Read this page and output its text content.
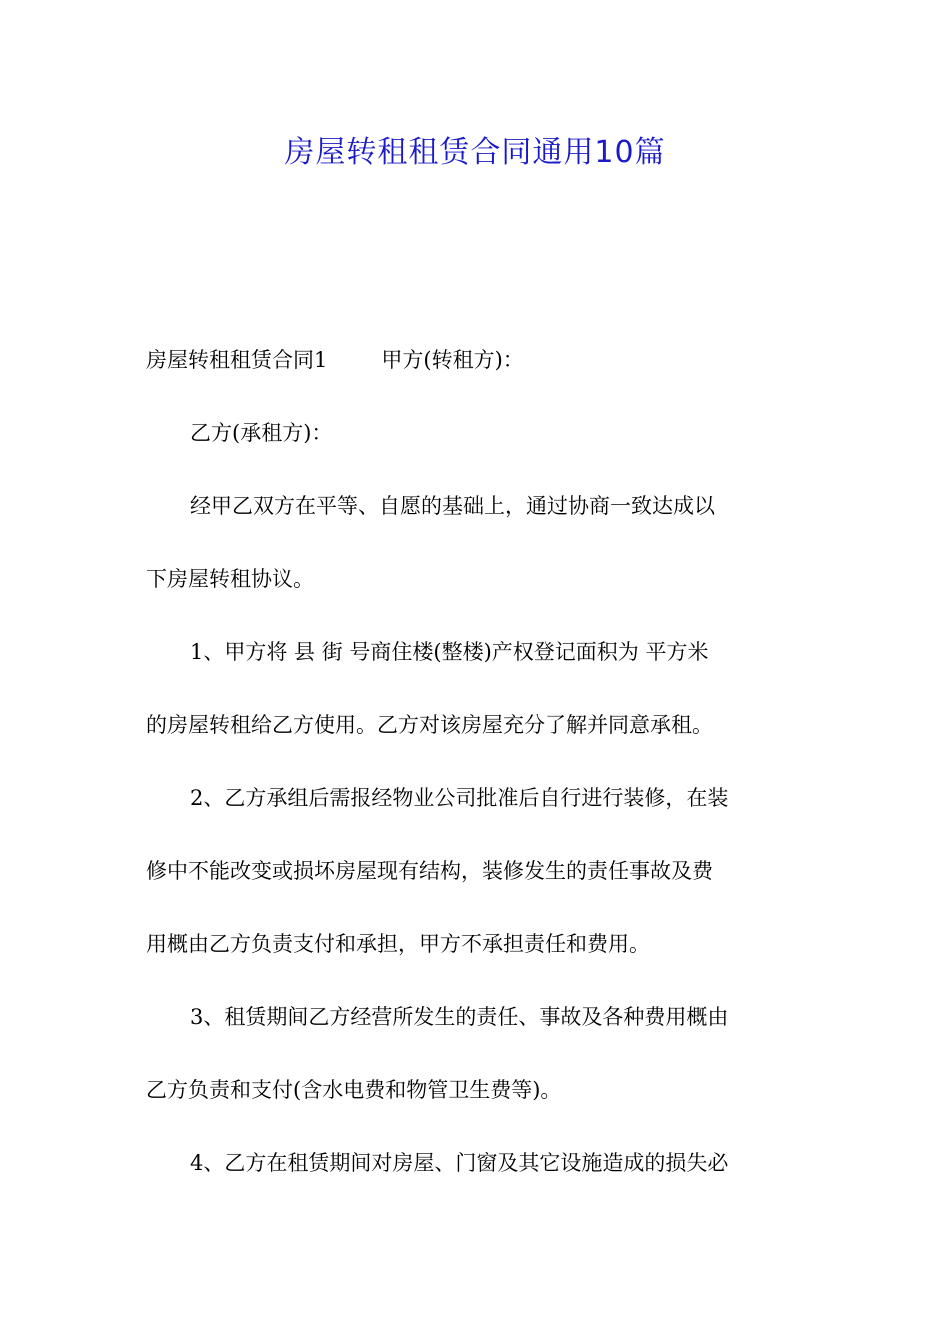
房屋转租租赁合同通用10篇
房屋转租租赁合同1	甲方(转租方)：
乙方(承租方)：
经甲乙双方在平等、自愿的基础上，通过协商一致达成以
下房屋转租协议。
1、甲方将 县 街 号商住楼(整楼)产权登记面积为 平方米
的房屋转租给乙方使用。乙方对该房屋充分了解并同意承租。
2、乙方承组后需报经物业公司批准后自行进行装修，在装
修中不能改变或损坏房屋现有结构，装修发生的责任事故及费
用概由乙方负责支付和承担，甲方不承担责任和费用。
3、租赁期间乙方经营所发生的责任、事故及各种费用概由
乙方负责和支付(含水电费和物管卫生费等)。
4、乙方在租赁期间对房屋、门窗及其它设施造成的损失必
